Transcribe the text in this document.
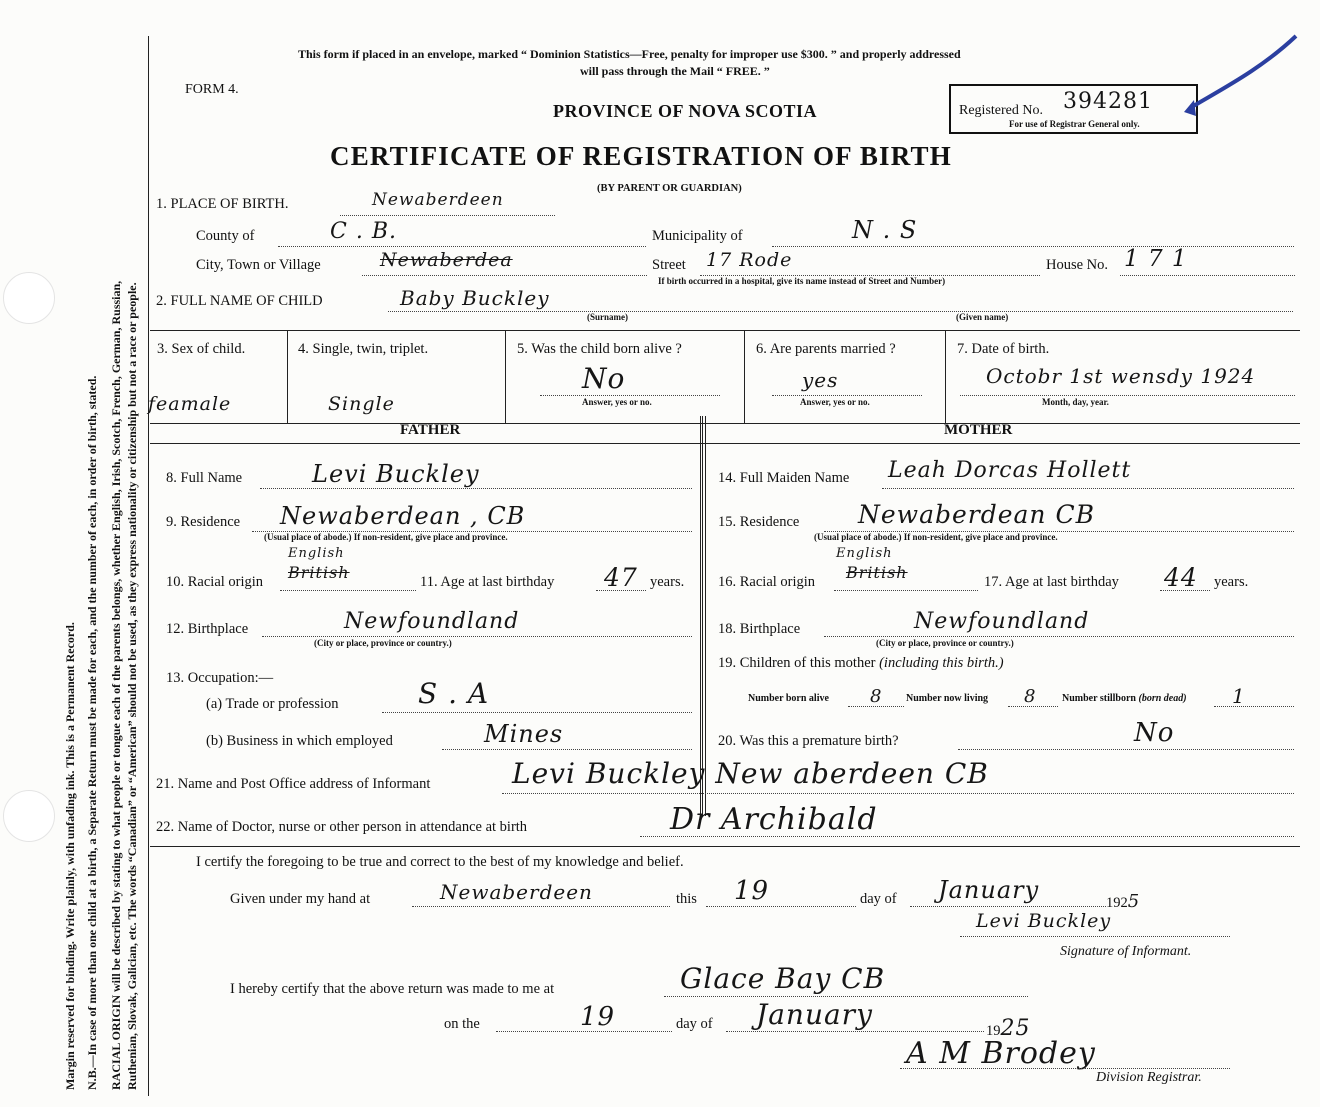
Margin reserved for binding. Write plainly, with unfading ink. This is a Permanent Record. N.B.—In case of more than one child at a birth, a Separate Return must be made for each, and the number of each, in order of birth, stated. RACIAL ORIGIN will be described by stating to what people or tongue each of the parents belongs, whether English, Irish, Scotch, French, German, Russian, Ruthenian, Slovak, Galician, etc. The words “Canadian” or “American” should not be used, as they express nationality or citizenship but not a race or people.
This form if placed in an envelope, marked “ Dominion Statistics—Free, penalty for improper use $300. ” and properly addressed
will pass through the Mail “ FREE. ”
FORM 4.
PROVINCE OF NOVA SCOTIA
CERTIFICATE OF REGISTRATION OF BIRTH
(BY PARENT OR GUARDIAN)
Registered No. 394281
For use of Registrar General only.
1. PLACE OF BIRTH.	Newaberdeen
County of	C . B.	Municipality of	N . S
City, Town or Village	Newaberdea	Street 17 Rode	House No. 1 7 1
If birth occurred in a hospital, give its name instead of Street and Number)
2. FULL NAME OF CHILD	Baby Buckley
(Surname)	(Given name)
3. Sex of child.
feamale
4. Single, twin, triplet.
Single
5. Was the child born alive ?
No
Answer, yes or no.
6. Are parents married ?
yes
Answer, yes or no.
7. Date of birth.
Octobr 1st wensdy 1924
Month, day, year.
FATHER	MOTHER
8. Full Name	Levi Buckley
9. Residence Newaberdean , CB
(Usual place of abode.) If non-resident, give place and province.
10. Racial origin
English
British	11. Age at last birthday 47 years.
12. Birthplace	Newfoundland
(City or place, province or country.)
13. Occupation:—
(a) Trade or profession	S . A
(b) Business in which employed	Mines
14. Full Maiden Name Leah Dorcas Hollett
15. Residence Newaberdean CB
(Usual place of abode.) If non-resident, give place and province.
16. Racial origin
English
British	17. Age at last birthday 44 years.
18. Birthplace	Newfoundland
(City or place, province or country.)
19. Children of this mother (including this birth.)
Number born alive 8 Number now living 8	Number stillborn (born dead) 1
20. Was this a premature birth?	No
21. Name and Post Office address of Informant	Levi Buckley New aberdeen CB
22. Name of Doctor, nurse or other person in attendance at birth	Dr Archibald
I certify the foregoing to be true and correct to the best of my knowledge and belief.
Given under my hand at	Newaberdeen	this 19	day of January	1925
Levi Buckley
Signature of Informant.
I hereby certify that the above return was made to me at	Glace Bay CB
on the	19	day of January	1925
A M Brodey
Division Registrar.
